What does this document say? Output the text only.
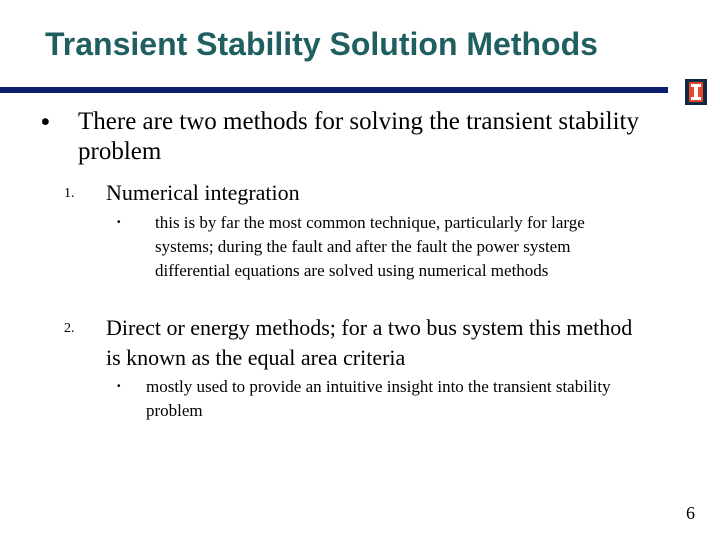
Transient Stability Solution Methods
• There are two methods for solving the transient stability problem
1. Numerical integration
• this is by far the most common technique, particularly for large systems; during the fault and after the fault the power system differential equations are solved using numerical methods
2. Direct or energy methods; for a two bus system this method is known as the equal area criteria
• mostly used to provide an intuitive insight into the transient stability problem
6
